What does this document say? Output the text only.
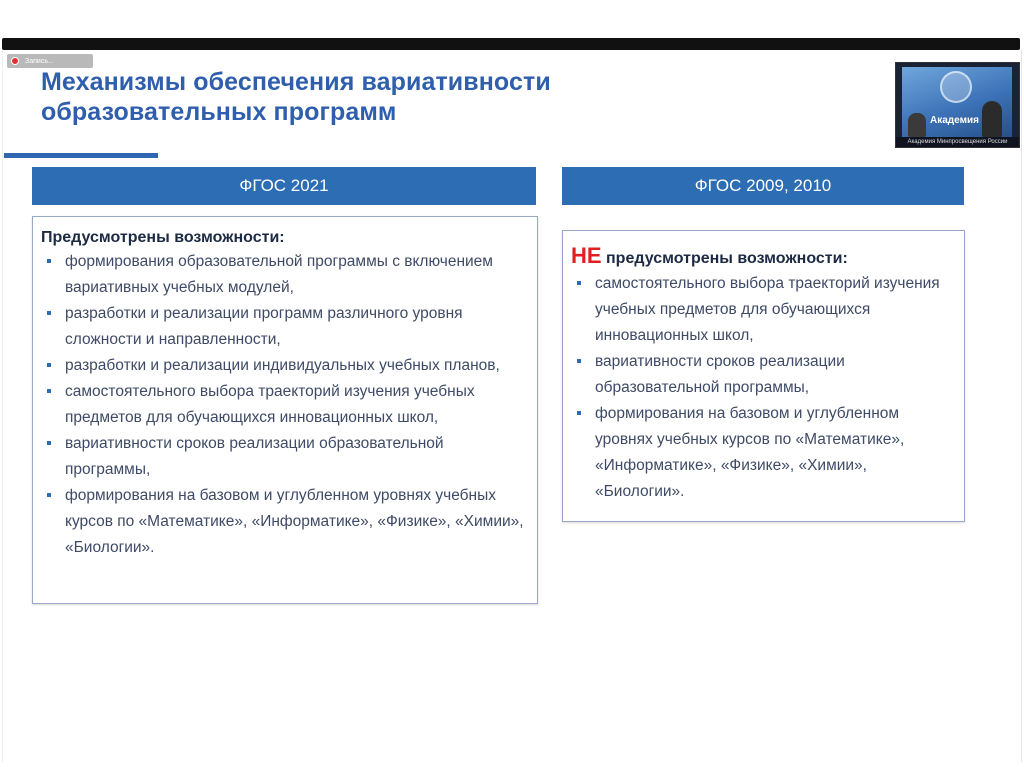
Запись...
Механизмы обеспечения вариативности
образовательных программ	Академия
Академия Минпросвещения России
ФГОС 2021
Предусмотрены возможности:
формирования образовательной программы с включением вариативных учебных модулей,
разработки и реализации программ различного уровня сложности и направленности,
разработки и реализации индивидуальных учебных планов,
самостоятельного выбора траекторий изучения учебных предметов для обучающихся инновационных школ,
вариативности сроков реализации образовательной программы,
формирования на базовом и углубленном уровнях учебных курсов по «Математике», «Информатике», «Физике», «Химии», «Биологии».
ФГОС 2009, 2010
НЕ предусмотрены возможности:
самостоятельного выбора траекторий изучения учебных предметов для обучающихся инновационных школ,
вариативности сроков реализации образовательной программы,
формирования на базовом и углубленном уровнях учебных курсов по «Математике», «Информатике», «Физике», «Химии», «Биологии».
